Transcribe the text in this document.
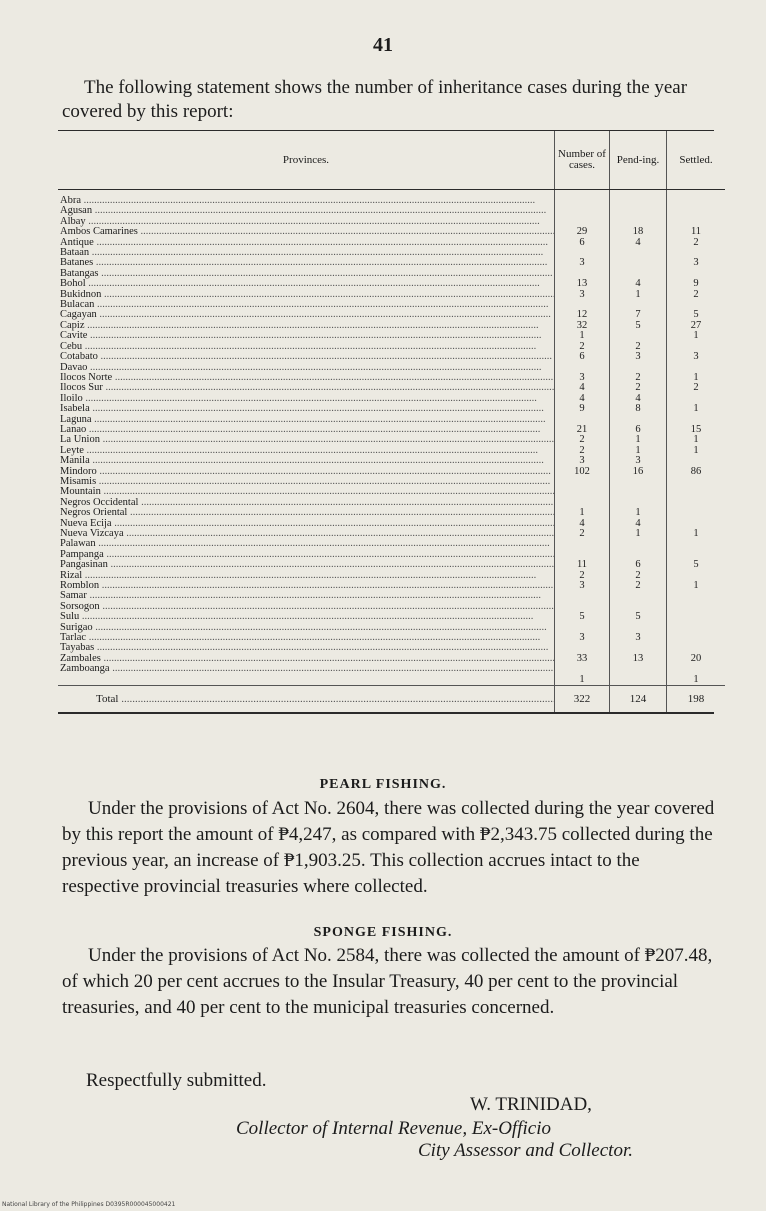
41
The following statement shows the number of inheritance cases during the year covered by this report:
Provinces.	Number of cases.	Pend-ing.	Settled.

Abra .....			
Agusan .....			
Albay .....			
Ambos Camarines .....	29	18	11
Antique .....	6	4	2
Bataan .....			
Batanes .....	3		3
Batangas .....			
Bohol .....	13	4	9
Bukidnon .....	3	1	2
Bulacan .....			
Cagayan .....	12	7	5
Capiz .....	32	5	27
Cavite .....	1		1
Cebu .....	2	2	
Cotabato .....	6	3	3
Davao .....			
Ilocos Norte .....	3	2	1
Ilocos Sur .....	4	2	2
Iloilo .....	4	4	
Isabela .....	9	8	1
Laguna .....			
Lanao .....	21	6	15
La Union .....	2	1	1
Leyte .....	2	1	1
Manila .....	3	3	
Mindoro .....	102	16	86
Misamis .....			
Mountain .....			
Negros Occidental .....			
Negros Oriental .....	1	1	
Nueva Ecija .....	4	4	
Nueva Vizcaya .....	2	1	1
Palawan .....			
Pampanga .....			
Pangasinan .....	11	6	5
Rizal .....	2	2	
Romblon .....	3	2	1
Samar .....			
Sorsogon .....			
Sulu .....	5	5	
Surigao .....			
Tarlac .....	3	3	
Tayabas .....			
Zambales .....	33	13	20
Zamboanga .....			
	1		1
Total .....	322	124	198
PEARL FISHING.
Under the provisions of Act No. 2604, there was collected during the year covered by this report the amount of ₱4,247, as compared with ₱2,343.75 collected during the previous year, an increase of ₱1,903.25. This collection accrues intact to the respective provincial treasuries where collected.
SPONGE FISHING.
Under the provisions of Act No. 2584, there was collected the amount of ₱207.48, of which 20 per cent accrues to the Insular Treasury, 40 per cent to the provincial treasuries, and 40 per cent to the municipal treasuries concerned.
Respectfully submitted.
W. TRINIDAD,
Collector of Internal Revenue, Ex-Officio
City Assessor and Collector.
National Library of the Philippines D0395R000045000421
